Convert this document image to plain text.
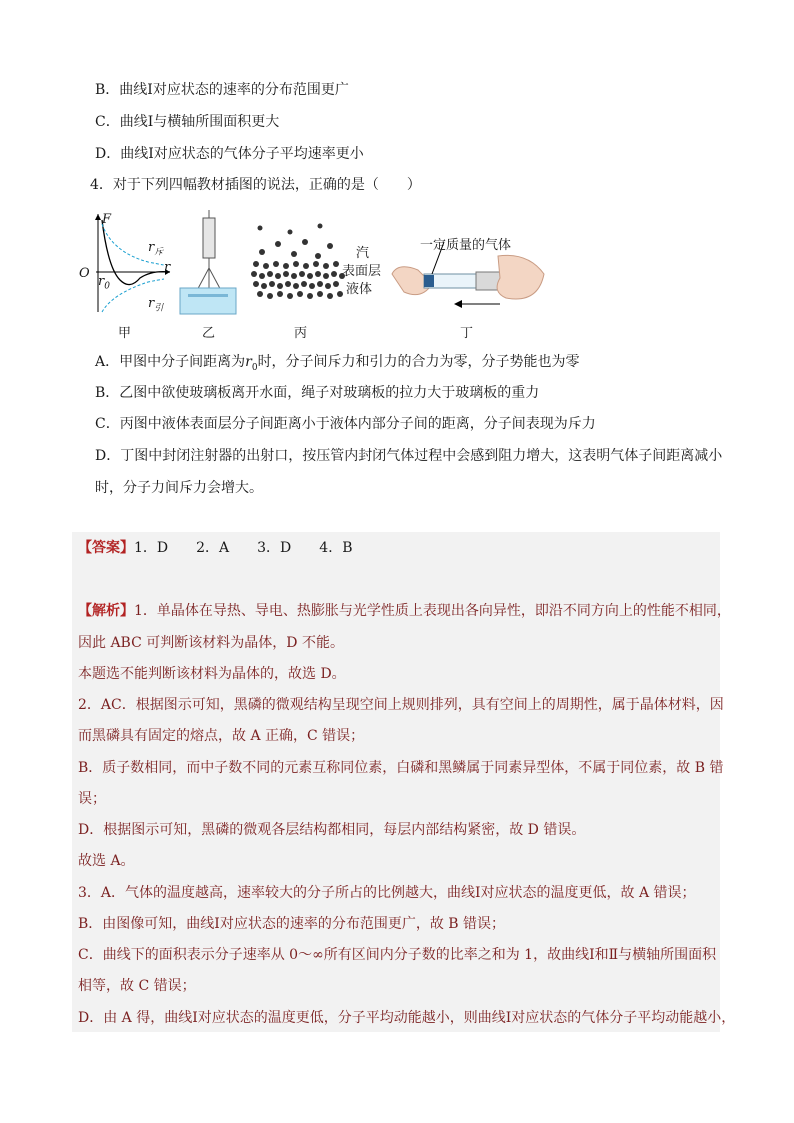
B．曲线Ⅰ对应状态的速率的分布范围更广
C．曲线Ⅰ与横轴所围面积更大
D．曲线Ⅰ对应状态的气体分子平均速率更小
4．对于下列四幅教材插图的说法，正确的是（　　）
F
O	r
$r_0$
$r_斥$
$r_引$
甲	乙
汽
表面层
液体
丙
一定质量的气体
丁
A．甲图中分子间距离为$r_0$时，分子间斥力和引力的合力为零，分子势能也为零
B．乙图中欲使玻璃板离开水面，绳子对玻璃板的拉力大于玻璃板的重力
C．丙图中液体表面层分子间距离小于液体内部分子间的距离，分子间表现为斥力
D．丁图中封闭注射器的出射口，按压管内封闭气体过程中会感到阻力增大，这表明气体子间距离减小
时，分子力间斥力会增大。
【答案】1．D　　2．A　　3．D　　4．B
【解析】1．单晶体在导热、导电、热膨胀与光学性质上表现出各向异性，即沿不同方向上的性能不相同，
因此 ABC 可判断该材料为晶体，D 不能。
本题选不能判断该材料为晶体的，故选 D。
2．AC．根据图示可知，黑磷的微观结构呈现空间上规则排列，具有空间上的周期性，属于晶体材料，因
而黑磷具有固定的熔点，故 A 正确，C 错误；
B．质子数相同，而中子数不同的元素互称同位素，白磷和黑鳞属于同素异型体，不属于同位素，故 B 错
误；
D．根据图示可知，黑磷的微观各层结构都相同，每层内部结构紧密，故 D 错误。
故选 A。
3．A．气体的温度越高，速率较大的分子所占的比例越大，曲线Ⅰ对应状态的温度更低，故 A 错误；
B．由图像可知，曲线Ⅰ对应状态的速率的分布范围更广，故 B 错误；
C．曲线下的面积表示分子速率从 0～∞所有区间内分子数的比率之和为 1，故曲线Ⅰ和Ⅱ与横轴所围面积
相等，故 C 错误；
D．由 A 得，曲线Ⅰ对应状态的温度更低，分子平均动能越小，则曲线Ⅰ对应状态的气体分子平均动能越小，
